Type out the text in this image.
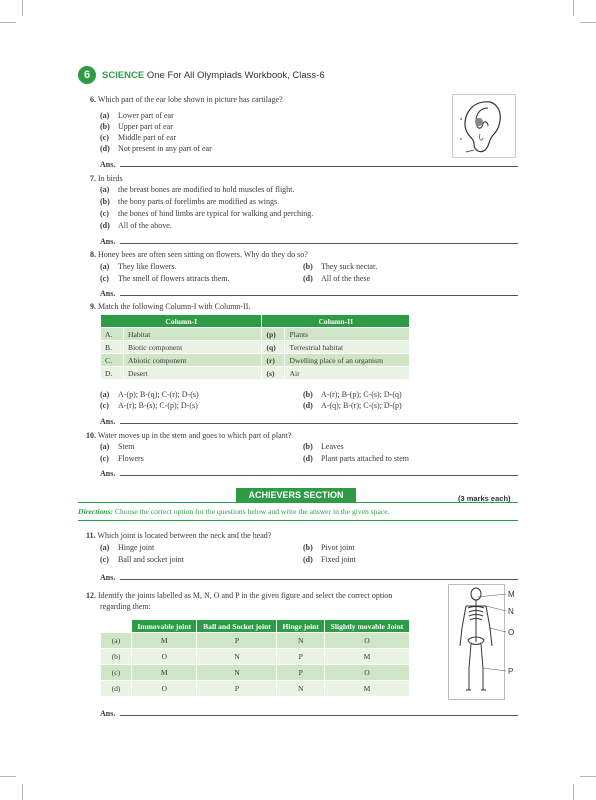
6	SCIENCE One For All Olympiads Workbook, Class-6
6. Which part of the ear lobe shown in picture has cartilage?
(a) Lower part of ear
(b) Upper part of ear
(c) Middle part of ear
(d) Not present in any part of ear
a
b
Ans.
7. In birds
(a) the breast bones are modified to hold muscles of flight.
(b) the bony parts of forelimbs are modified as wings.
(c) the bones of hind limbs are typical for walking and perching.
(d) All of the above.
Ans.
8. Honey bees are often seen sitting on flowers. Why do they do so?
(a) They like flowers.	(b) They suck nectar.
(c) The smell of flowers attracts them.	(d) All of the these
Ans.
9. Match the following Column-I with Column-II.
Column-I		Column-II	
A.	Habitat	(p)	Plants
B.	Biotic component	(q)	Terrestrial habitat
C.	Abiotic component	(r)	Dwelling place of an organism
D.	Desert	(s)	Air
(a) A-(p); B-(q); C-(r); D-(s)	(b) A-(r); B-(p); C-(s); D-(q)
(c) A-(r); B-(s); C-(p); D-(s)	(d) A-(q); B-(r); C-(s); D-(p)
Ans.
10. Water moves up in the stem and goes to which part of plant?
(a) Stem	(b) Leaves
(c) Flowers	(d) Plant parts attached to stem
Ans.
ACHIEVERS SECTION	(3 marks each)
Directions: Choose the correct option for the questions below and write the answer in the given space.
11. Which joint is located between the neck and the head?
(a) Hinge joint	(b) Pivot joint
(c) Ball and socket joint	(d) Fixed joint
Ans.
12. Identify the joints labelled as M, N, O and P in the given figure and select the correct option
regarding them:
	Immovable joint	Ball and Socket joint	Hinge joint	Slightly movable Joint
(a)	M	P	N	O
(b)	O	N	P	M
(c)	M	N	P	O
(d)	O	P	N	M
M
N
O
P
Ans.
